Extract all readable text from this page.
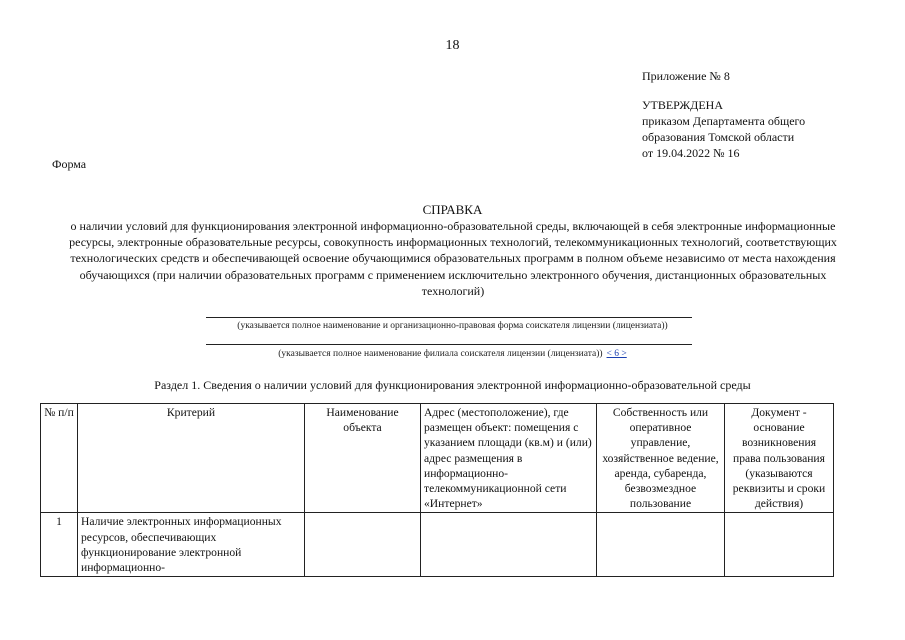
18
Приложение № 8
УТВЕРЖДЕНА
приказом Департамента общего
образования Томской области
от 19.04.2022 № 16
Форма
СПРАВКА
о наличии условий для функционирования электронной информационно-образовательной среды, включающей в себя электронные информационные ресурсы, электронные образовательные ресурсы, совокупность информационных технологий, телекоммуникационных технологий, соответствующих технологических средств и обеспечивающей освоение обучающимися образовательных программ в полном объеме независимо от места нахождения обучающихся (при наличии образовательных программ с применением исключительно электронного обучения, дистанционных образовательных технологий)
(указывается полное наименование и организационно-правовая форма соискателя лицензии (лицензиата))
(указывается полное наименование филиала соискателя лицензии (лицензиата)) < 6 >
Раздел 1. Сведения о наличии условий для функционирования электронной информационно-образовательной среды
№ п/п	Критерий	Наименование объекта	Адрес (местоположение), где размещен объект: помещения с указанием площади (кв.м) и (или) адрес размещения в информационно-телекоммуникационной сети «Интернет»	Собственность или оперативное управление, хозяйственное ведение, аренда, субаренда, безвозмездное пользование	Документ - основание возникновения права пользования (указываются реквизиты и сроки действия)
1	Наличие электронных информационных ресурсов, обеспечивающих функционирование электронной информационно-				
